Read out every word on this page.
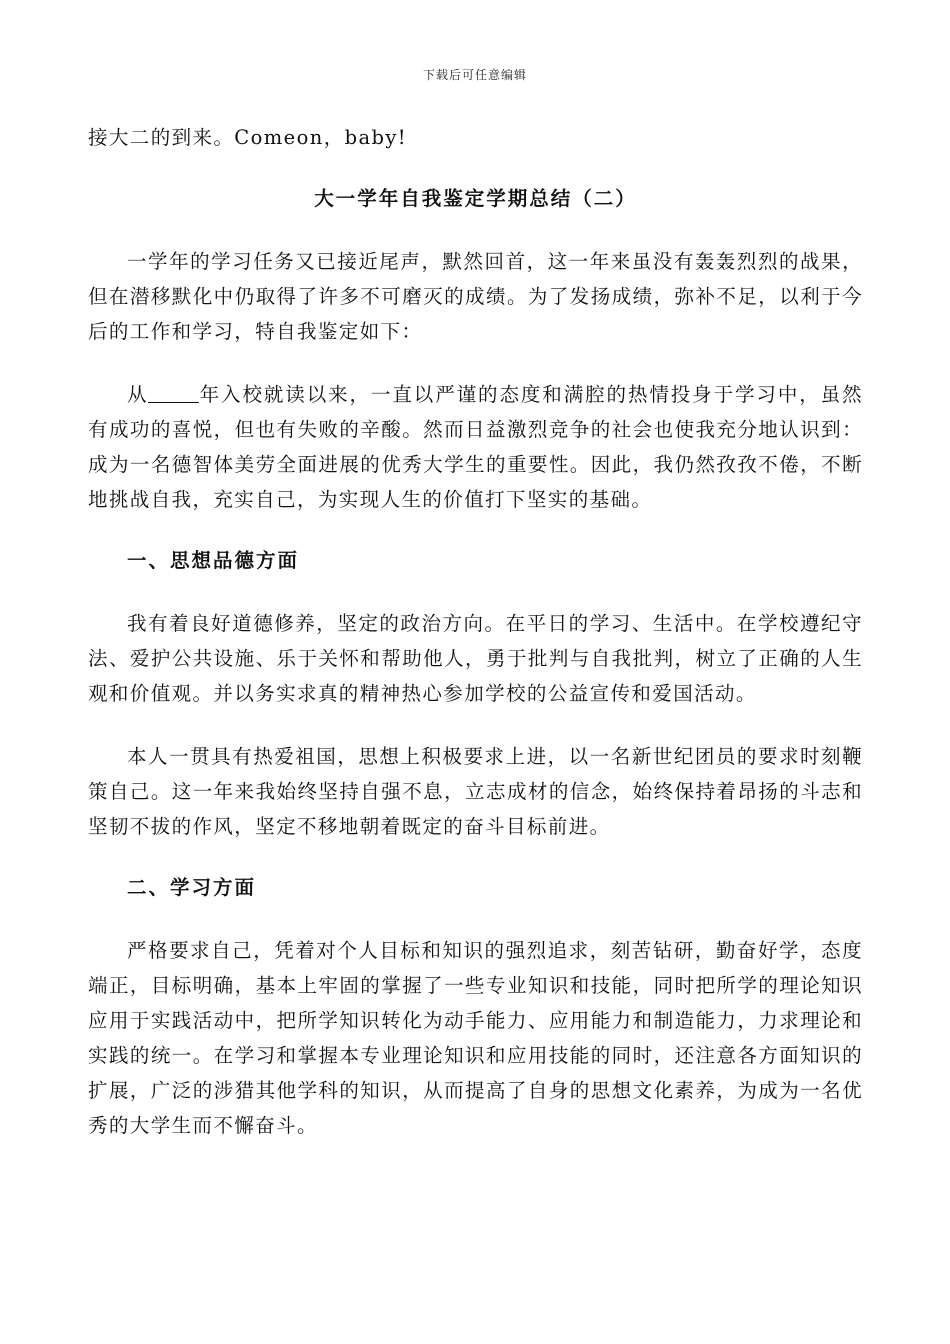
下载后可任意编辑

接大二的到来。Comeon，baby!

大一学年自我鉴定学期总结（二）

一学年的学习任务又已接近尾声，默然回首，这一年来虽没有轰轰烈烈的战果，但在潜移默化中仍取得了许多不可磨灭的成绩。为了发扬成绩，弥补不足，以利于今后的工作和学习，特自我鉴定如下：

从	年入校就读以来，一直以严谨的态度和满腔的热情投身于学习中，虽然有成功的喜悦，但也有失败的辛酸。然而日益激烈竞争的社会也使我充分地认识到：成为一名德智体美劳全面进展的优秀大学生的重要性。因此，我仍然孜孜不倦，不断地挑战自我，充实自己，为实现人生的价值打下坚实的基础。

一、思想品德方面

我有着良好道德修养，坚定的政治方向。在平日的学习、生活中。在学校遵纪守法、爱护公共设施、乐于关怀和帮助他人，勇于批判与自我批判，树立了正确的人生观和价值观。并以务实求真的精神热心参加学校的公益宣传和爱国活动。

本人一贯具有热爱祖国，思想上积极要求上进，以一名新世纪团员的要求时刻鞭策自己。这一年来我始终坚持自强不息，立志成材的信念，始终保持着昂扬的斗志和坚韧不拔的作风，坚定不移地朝着既定的奋斗目标前进。

二、学习方面

严格要求自己，凭着对个人目标和知识的强烈追求，刻苦钻研，勤奋好学，态度端正，目标明确，基本上牢固的掌握了一些专业知识和技能，同时把所学的理论知识应用于实践活动中，把所学知识转化为动手能力、应用能力和制造能力，力求理论和实践的统一。在学习和掌握本专业理论知识和应用技能的同时，还注意各方面知识的扩展，广泛的涉猎其他学科的知识，从而提高了自身的思想文化素养，为成为一名优秀的大学生而不懈奋斗。
